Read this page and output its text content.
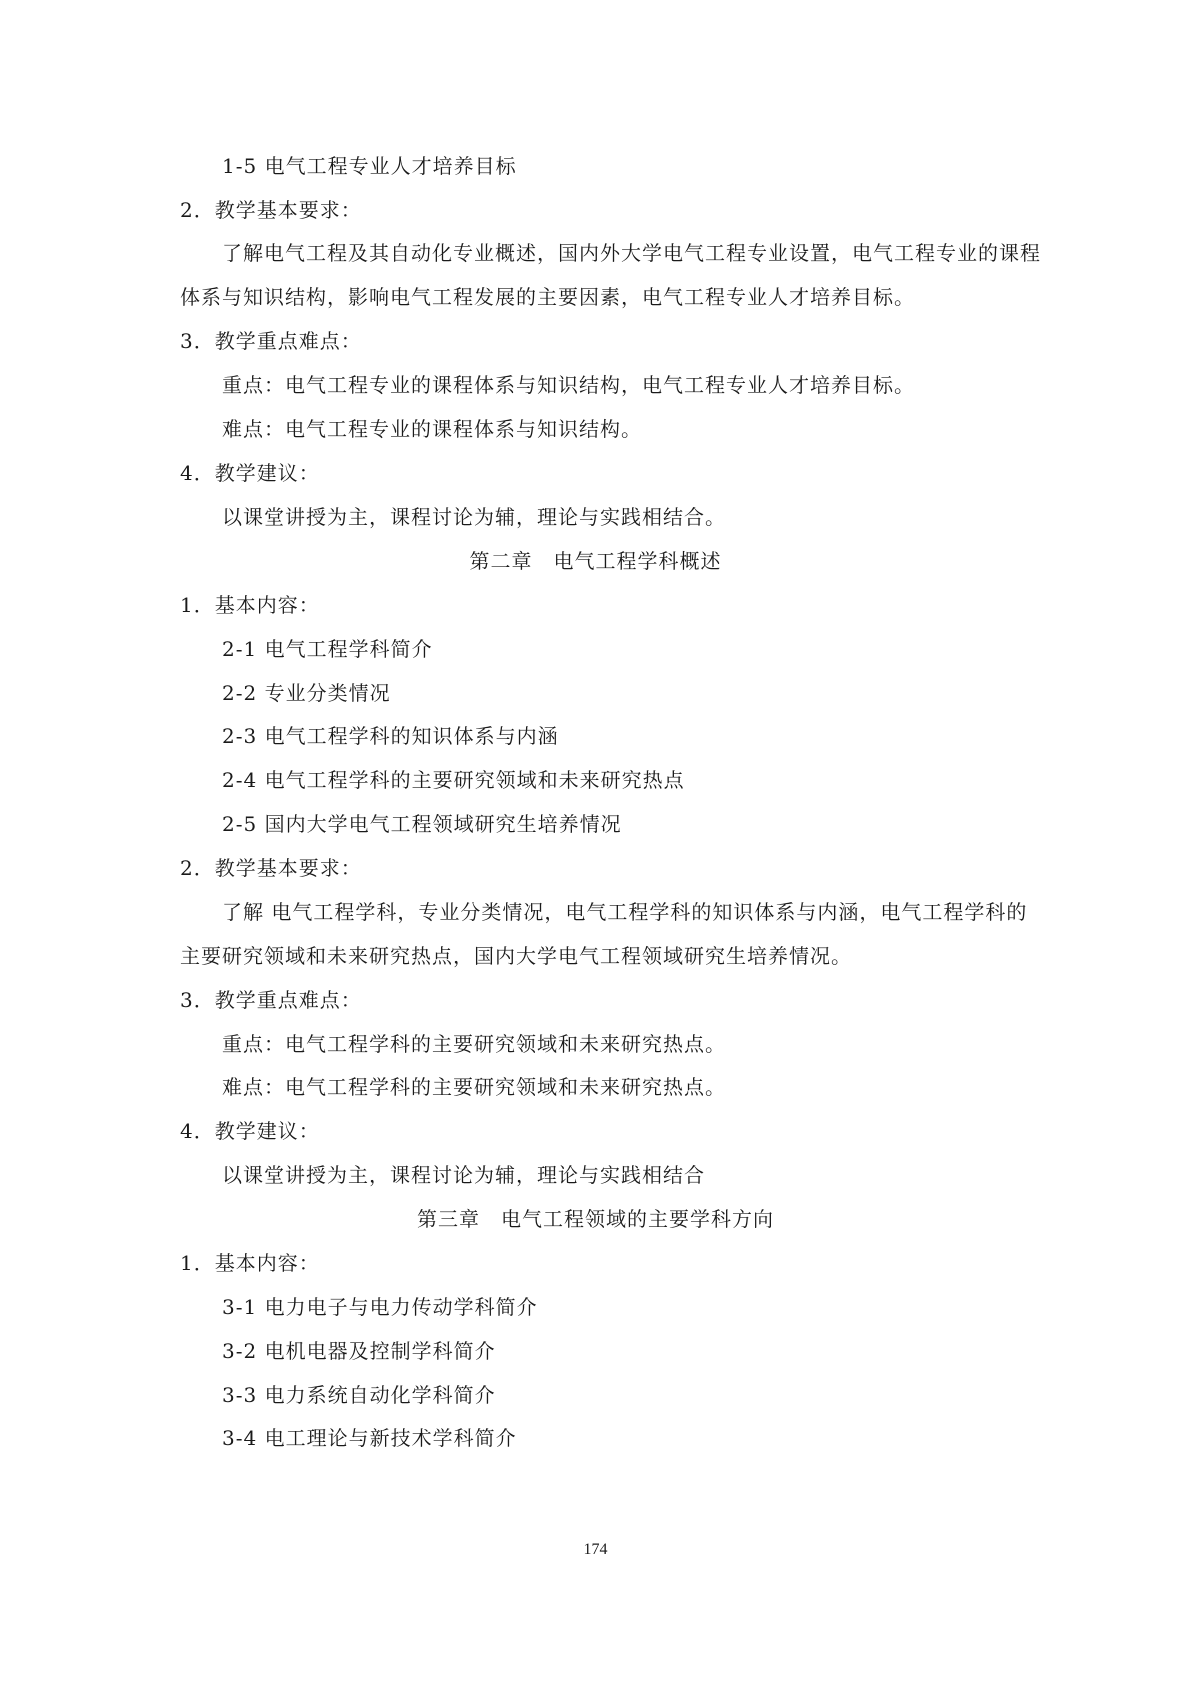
1-5 电气工程专业人才培养目标
2．教学基本要求：
了解电气工程及其自动化专业概述，国内外大学电气工程专业设置，电气工程专业的课程
体系与知识结构，影响电气工程发展的主要因素，电气工程专业人才培养目标。
3．教学重点难点：
重点：电气工程专业的课程体系与知识结构，电气工程专业人才培养目标。
难点：电气工程专业的课程体系与知识结构。
4．教学建议：
以课堂讲授为主，课程讨论为辅，理论与实践相结合。
第二章　电气工程学科概述
1．基本内容：
2-1 电气工程学科简介
2-2 专业分类情况
2-3 电气工程学科的知识体系与内涵
2-4 电气工程学科的主要研究领域和未来研究热点
2-5 国内大学电气工程领域研究生培养情况
2．教学基本要求：
了解 电气工程学科，专业分类情况，电气工程学科的知识体系与内涵，电气工程学科的
主要研究领域和未来研究热点，国内大学电气工程领域研究生培养情况。
3．教学重点难点：
重点：电气工程学科的主要研究领域和未来研究热点。
难点：电气工程学科的主要研究领域和未来研究热点。
4．教学建议：
以课堂讲授为主，课程讨论为辅，理论与实践相结合
第三章　电气工程领域的主要学科方向
1．基本内容：
3-1 电力电子与电力传动学科简介
3-2 电机电器及控制学科简介
3-3 电力系统自动化学科简介
3-4 电工理论与新技术学科简介
174
